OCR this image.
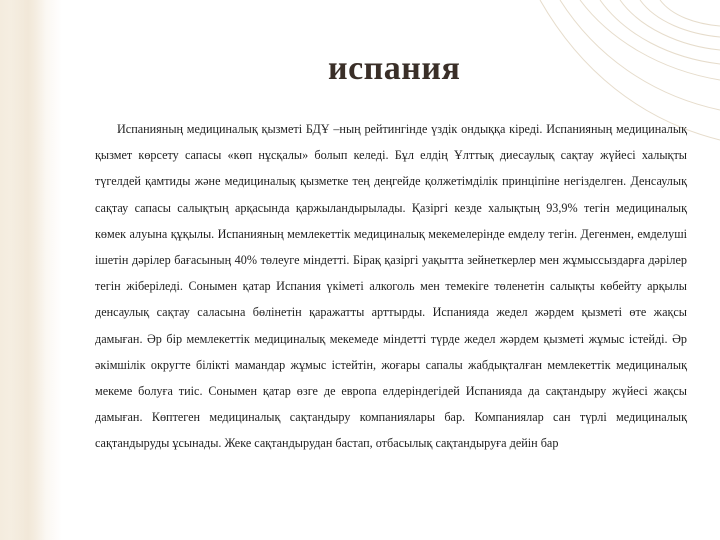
испания

Испанияның медициналық қызметі БДҰ –ның рейтингінде үздік ондыққа кіреді. Испанияның медициналық қызмет көрсету сапасы «көп нұсқалы» болып келеді. Бұл елдің Ұлттық диесаулық сақтау жүйесі халықты түгелдей қамтиды және медициналық қызметке тең деңгейде қолжетімділік принціпіне негізделген. Денсаулық сақтау сапасы салықтың арқасында қаржыландырылады. Қазіргі кезде халықтың 93,9% тегін медициналық көмек алуына құқылы. Испанияның мемлекеттік медициналық мекемелерінде емделу тегін. Дегенмен, емделуші iшетін дәрілер бағасының 40% төлеуге міндетті. Бірақ қазіргі уақытта зейнеткерлер мен жұмыссыздарға дәрілер тегін жіберіледі. Сонымен қатар Испания үкіметі алкоголь мен темекіге төленетін салықты көбейту арқылы денсаулық сақтау саласына бөлінетін қаражатты арттырды. Испанияда жедел жәрдем қызметі өте жақсы дамыған. Әр бір мемлекеттік медициналық мекемеде міндетті түрде жедел жәрдем қызметі жұмыс істейді. Әр әкімшілік округте білікті мамандар жұмыс істейтін, жоғары сапалы жабдықталған мемлекеттік медициналық мекеме болуға тиіс. Сонымен қатар өзге де европа елдеріндегідей Испанияда да сақтандыру жүйесі жақсы дамыған. Көптеген медициналық сақтандыру компаниялары бар. Компаниялар сан түрлі медициналық сақтандыруды ұсынады. Жеке сақтандырудан бастап, отбасылық сақтандыруға дейін бар
